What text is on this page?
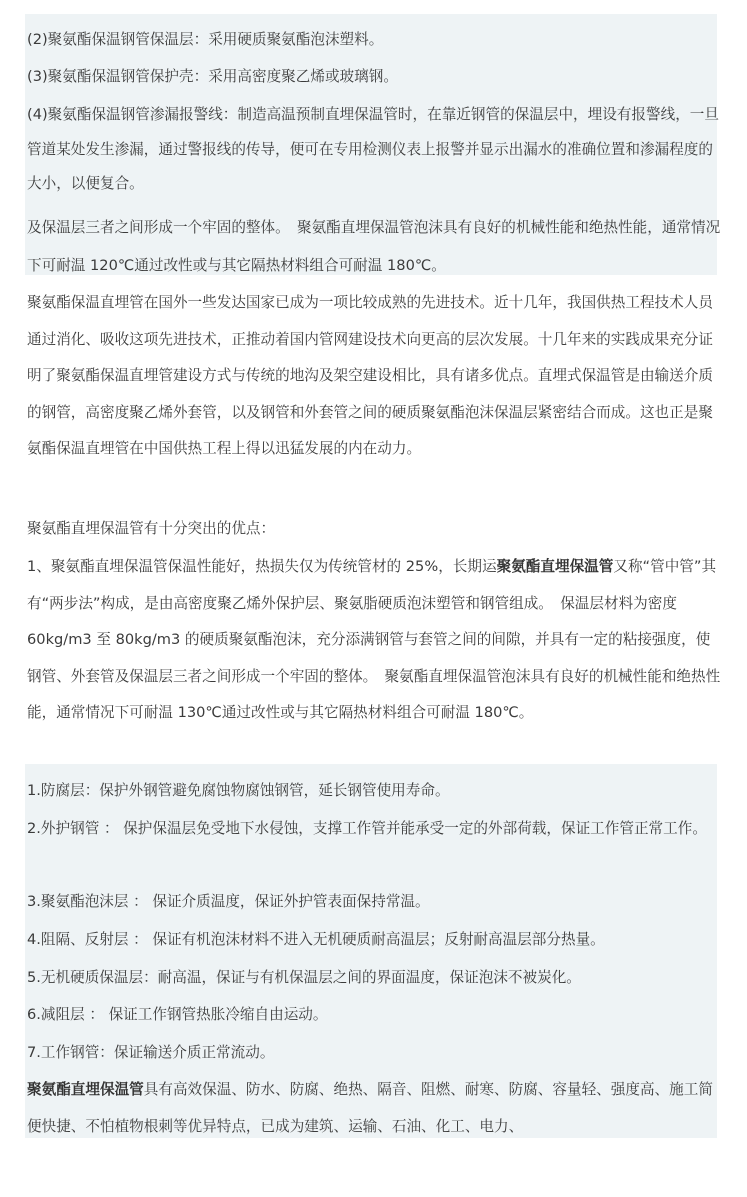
(2)聚氨酯保温钢管保温层：采用硬质聚氨酯泡沫塑料。

(3)聚氨酯保温钢管保护壳：采用高密度聚乙烯或玻璃钢。

(4)聚氨酯保温钢管渗漏报警线：制造高温预制直埋保温管时，在靠近钢管的保温层中，埋设有报警线，一旦管道某处发生渗漏，通过警报线的传导，便可在专用检测仪表上报警并显示出漏水的准确位置和渗漏程度的大小，以便复合。

及保温层三者之间形成一个牢固的整体。　聚氨酯直埋保温管泡沫具有良好的机械性能和绝热性能，通常情况下可耐温 120℃通过改性或与其它隔热材料组合可耐温 180℃。

聚氨酯保温直埋管在国外一些发达国家已成为一项比较成熟的先进技术。近十几年，我国供热工程技术人员通过消化、吸收这项先进技术，正推动着国内管网建设技术向更高的层次发展。十几年来的实践成果充分证明了聚氨酯保温直埋管建设方式与传统的地沟及架空建设相比，具有诸多优点。直埋式保温管是由输送介质的钢管，高密度聚乙烯外套管，以及钢管和外套管之间的硬质聚氨酯泡沫保温层紧密结合而成。这也正是聚氨酯保温直埋管在中国供热工程上得以迅猛发展的内在动力。

聚氨酯直埋保温管有十分突出的优点：

1、聚氨酯直埋保温管保温性能好，热损失仅为传统管材的 25%，长期运聚氨酯直埋保温管又称“管中管”其有“两步法”构成，是由高密度聚乙烯外保护层、聚氨脂硬质泡沫塑管和钢管组成。　保温层材料为密度 60kg/m3 至 80kg/m3 的硬质聚氨酯泡沫，充分添满钢管与套管之间的间隙，并具有一定的粘接强度，使钢管、外套管及保温层三者之间形成一个牢固的整体。　聚氨酯直埋保温管泡沫具有良好的机械性能和绝热性能，通常情况下可耐温 130℃通过改性或与其它隔热材料组合可耐温 180℃。

1.防腐层：保护外钢管避免腐蚀物腐蚀钢管，延长钢管使用寿命。

2.外护钢管 ： 保护保温层免受地下水侵蚀，支撑工作管并能承受一定的外部荷载，保证工作管正常工作。

3.聚氨酯泡沫层 ： 保证介质温度，保证外护管表面保持常温。

4.阻隔、反射层 ： 保证有机泡沫材料不进入无机硬质耐高温层；反射耐高温层部分热量。

5.无机硬质保温层：耐高温，保证与有机保温层之间的界面温度，保证泡沫不被炭化。

6.减阻层 ： 保证工作钢管热胀冷缩自由运动。

7.工作钢管：保证输送介质正常流动。

聚氨酯直埋保温管具有高效保温、防水、防腐、绝热、隔音、阻燃、耐寒、防腐、容量轻、强度高、施工简便快捷、不怕植物根刺等优异特点，已成为建筑、运输、石油、化工、电力、
